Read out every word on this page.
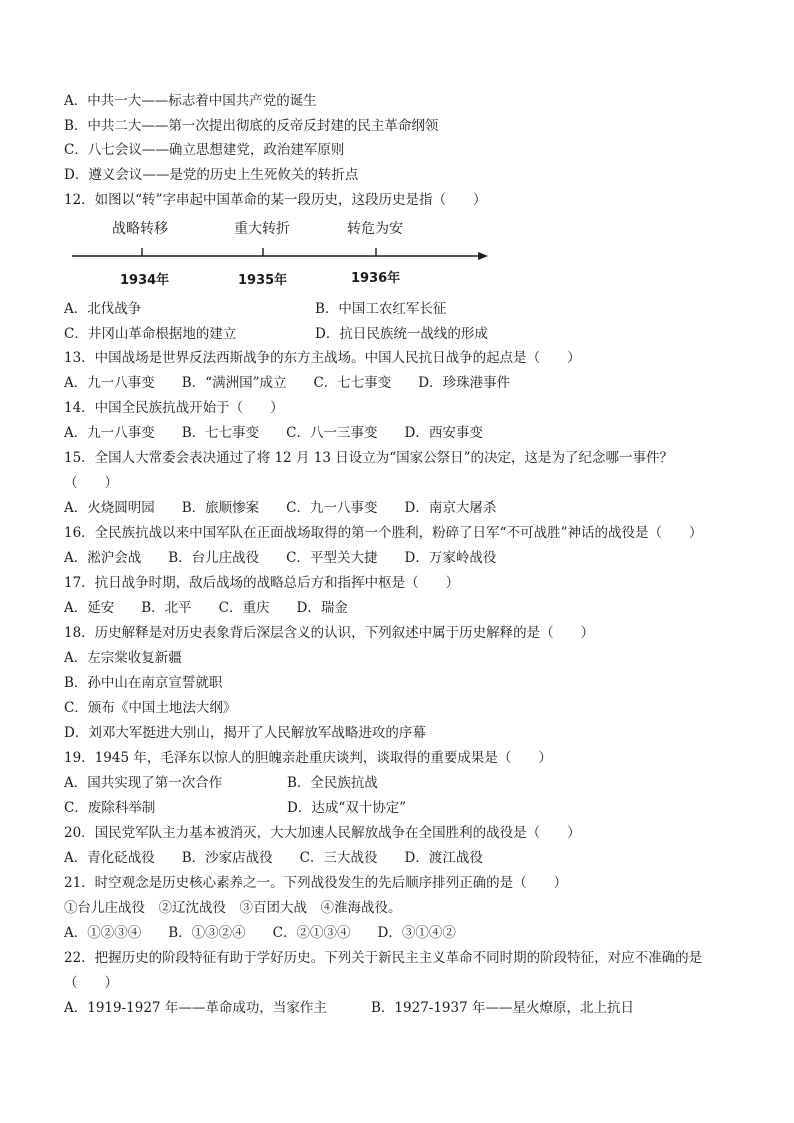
A．中共一大——标志着中国共产党的诞生
B．中共二大——第一次提出彻底的反帝反封建的民主革命纲领
C．八七会议——确立思想建党，政治建军原则
D．遵义会议——是党的历史上生死攸关的转折点
12．如图以“转”字串起中国革命的某一段历史，这段历史是指（　　）
战略转移	重大转折	转危为安
1934年	1935年	1936年
A．北伐战争	B．中国工农红军长征
C．井冈山革命根据地的建立	D．抗日民族统一战线的形成
13．中国战场是世界反法西斯战争的东方主战场。中国人民抗日战争的起点是（　　）
A．九一八事变　　B．“满洲国”成立　　C．七七事变　　D．珍珠港事件
14．中国全民族抗战开始于（　　）
A．九一八事变　　B．七七事变　　C．八一三事变　　D．西安事变
15．全国人大常委会表决通过了将 12 月 13 日设立为“国家公祭日”的决定，这是为了纪念哪一事件？
（　　）
A．火烧圆明园　　B．旅顺惨案　　C．九一八事变　　D．南京大屠杀
16．全民族抗战以来中国军队在正面战场取得的第一个胜利，粉碎了日军“不可战胜”神话的战役是（　　）
A．淞沪会战　　B．台儿庄战役　　C．平型关大捷　　D．万家岭战役
17．抗日战争时期，敌后战场的战略总后方和指挥中枢是（　　）
A．延安　　B．北平　　C．重庆　　D．瑞金
18．历史解释是对历史表象背后深层含义的认识，下列叙述中属于历史解释的是（　　）
A．左宗棠收复新疆
B．孙中山在南京宣誓就职
C．颁布《中国土地法大纲》
D．刘邓大军挺进大别山，揭开了人民解放军战略进攻的序幕
19．1945 年，毛泽东以惊人的胆魄亲赴重庆谈判，谈取得的重要成果是（　　）
A．国共实现了第一次合作	B．全民族抗战
C．废除科举制	D．达成“双十协定”
20．国民党军队主力基本被消灭，大大加速人民解放战争在全国胜利的战役是（　　）
A．青化砭战役　　B．沙家店战役　　C．三大战役　　D．渡江战役
21．时空观念是历史核心素养之一。下列战役发生的先后顺序排列正确的是（　　）
①台儿庄战役　②辽沈战役　③百团大战　④淮海战役。
A．①②③④　　B．①③②④　　C．②①③④　　D．③①④②
22．把握历史的阶段特征有助于学好历史。下列关于新民主主义革命不同时期的阶段特征，对应不准确的是
（　　）
A．1919-1927 年——革命成功，当家作主	B．1927-1937 年——星火燎原，北上抗日
